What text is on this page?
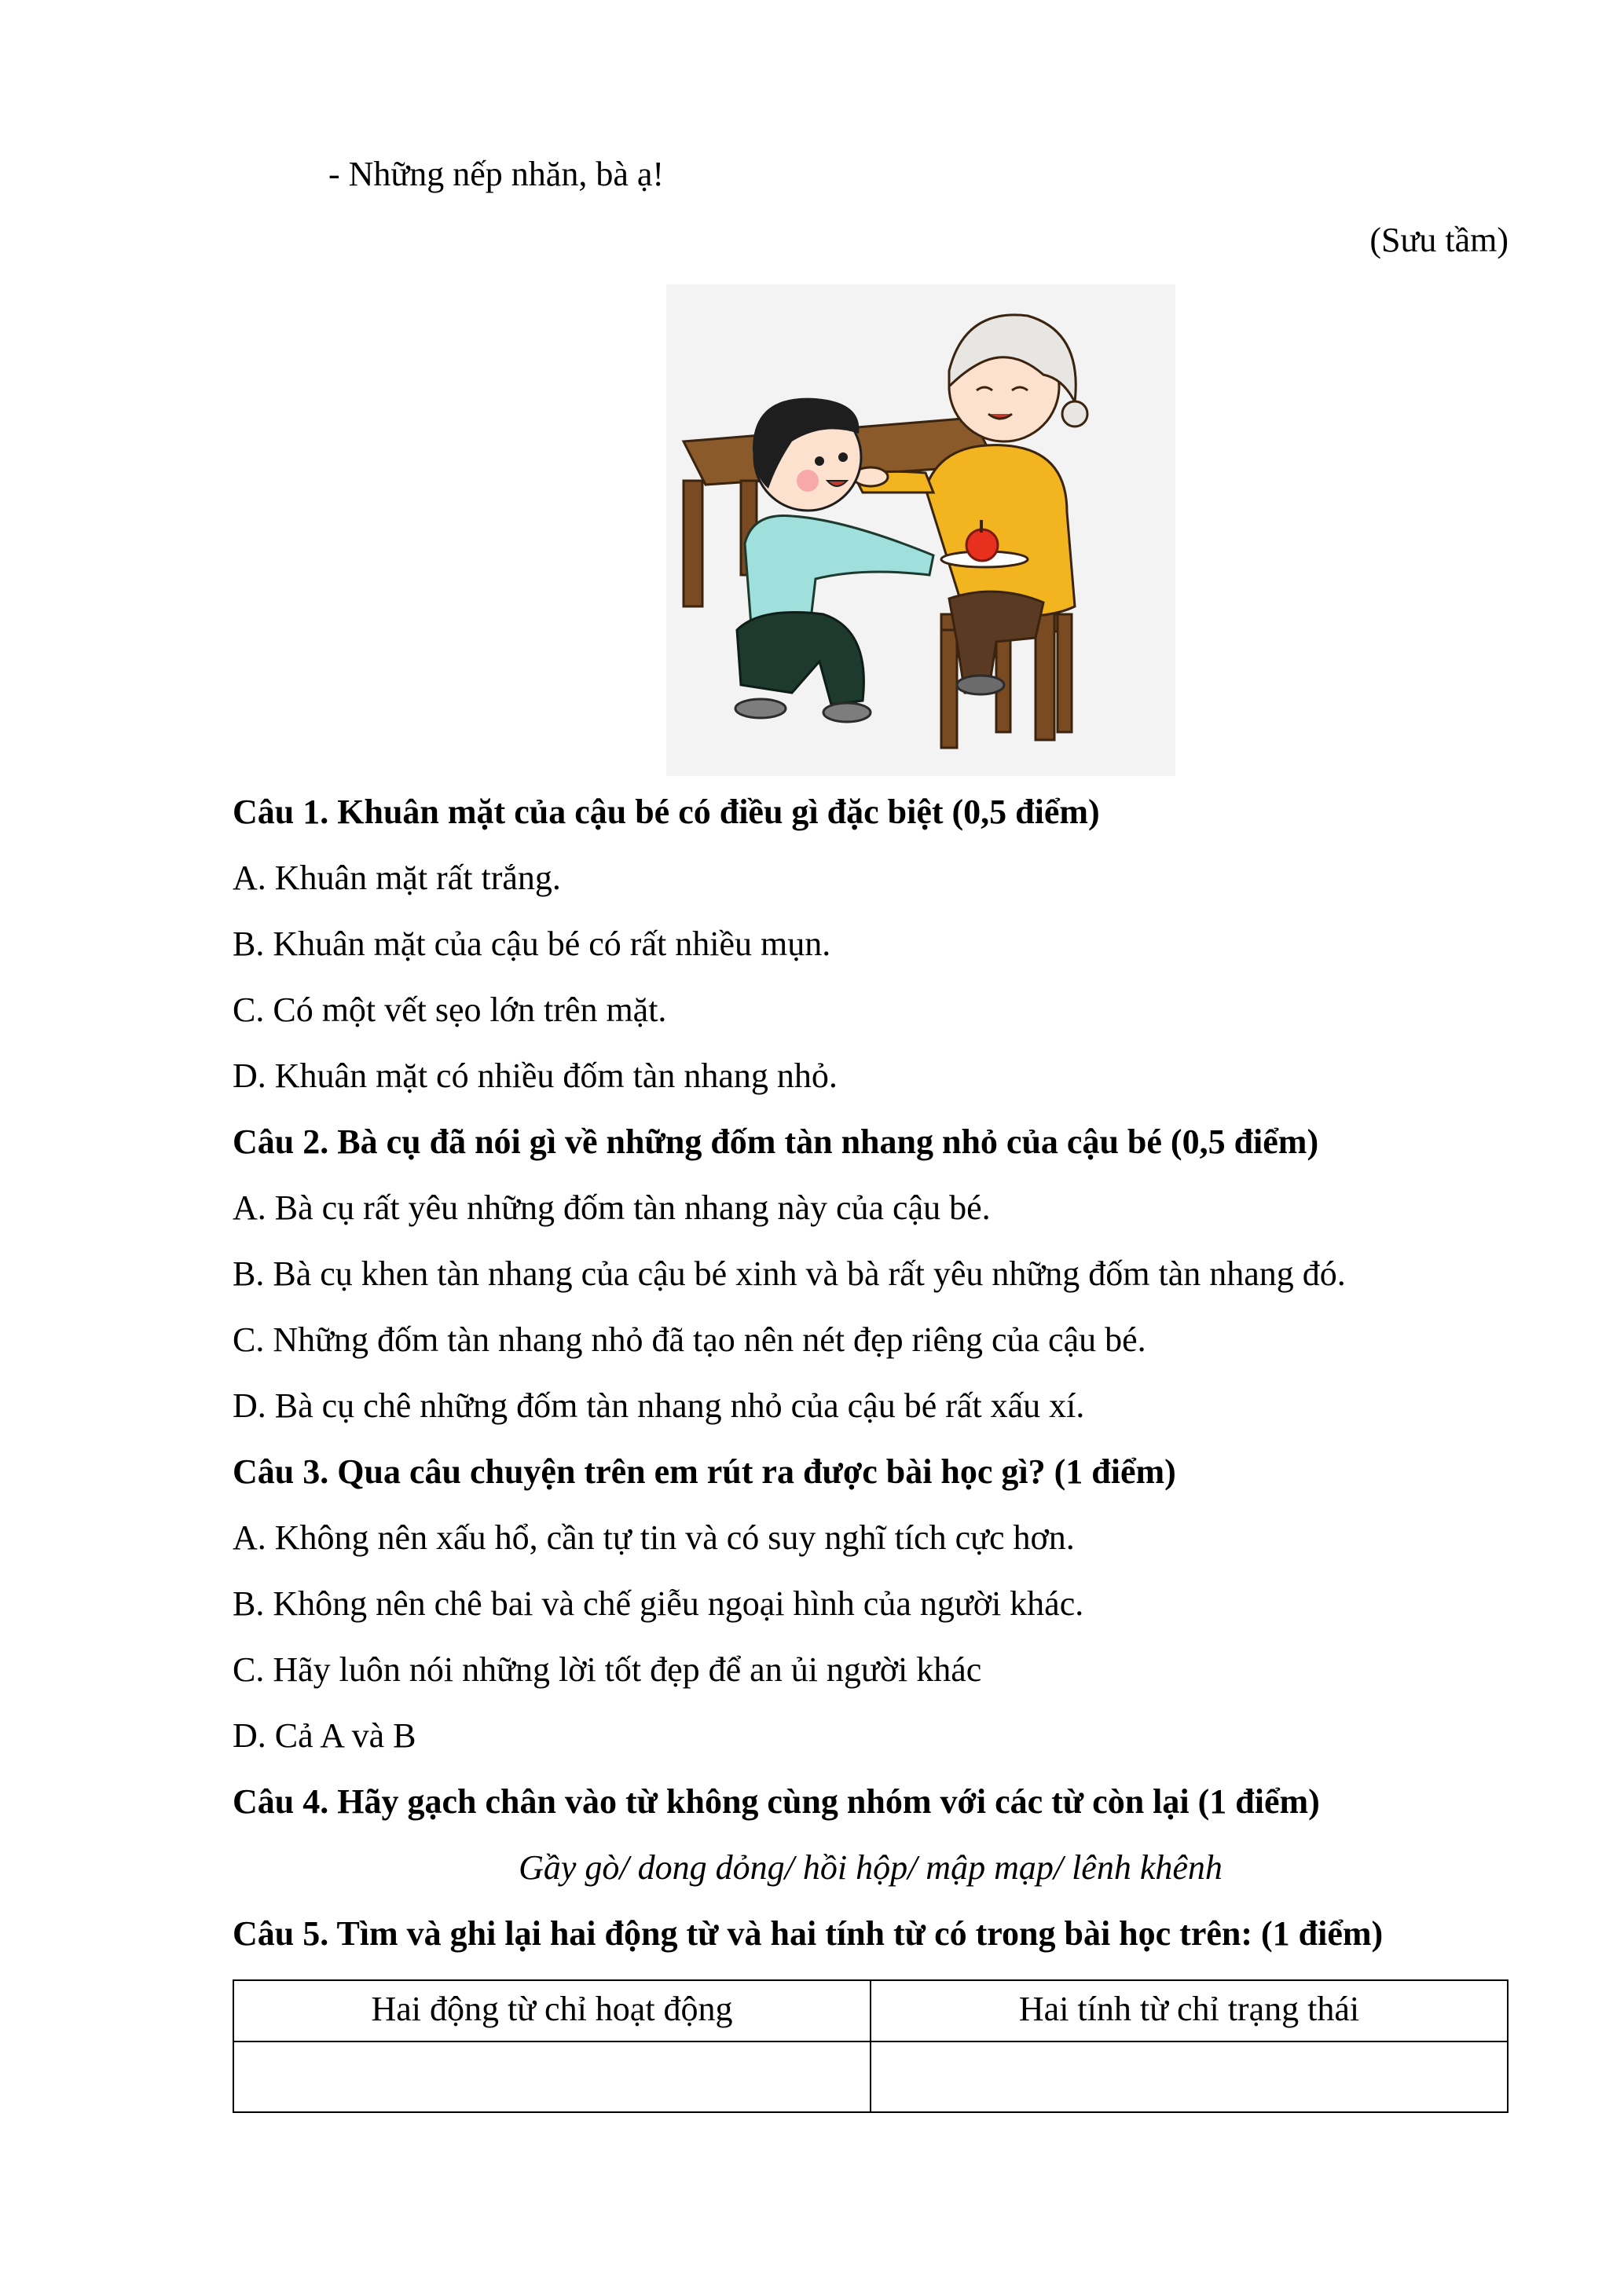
- Những nếp nhăn, bà ạ!
(Sưu tầm)
Câu 1. Khuân mặt của cậu bé có điều gì đặc biệt (0,5 điểm)
A. Khuân mặt rất trắng.
B. Khuân mặt của cậu bé có rất nhiều mụn.
C. Có một vết sẹo lớn trên mặt.
D. Khuân mặt có nhiều đốm tàn nhang nhỏ.
Câu 2. Bà cụ đã nói gì về những đốm tàn nhang nhỏ của cậu bé (0,5 điểm)
A. Bà cụ rất yêu những đốm tàn nhang này của cậu bé.
B. Bà cụ khen tàn nhang của cậu bé xinh và bà rất yêu những đốm tàn nhang đó.
C. Những đốm tàn nhang nhỏ đã tạo nên nét đẹp riêng của cậu bé.
D. Bà cụ chê những đốm tàn nhang nhỏ của cậu bé rất xấu xí.
Câu 3. Qua câu chuyện trên em rút ra được bài học gì? (1 điểm)
A. Không nên xấu hổ, cần tự tin và có suy nghĩ tích cực hơn.
B. Không nên chê bai và chế giễu ngoại hình của người khác.
C. Hãy luôn nói những lời tốt đẹp để an ủi người khác
D. Cả A và B
Câu 4. Hãy gạch chân vào từ không cùng nhóm với các từ còn lại (1 điểm)
Gầy gò/ dong dỏng/ hồi hộp/ mập mạp/ lênh khênh
Câu 5. Tìm và ghi lại hai động từ và hai tính từ có trong bài học trên: (1 điểm)
Hai động từ chỉ hoạt động	Hai tính từ chỉ trạng thái
